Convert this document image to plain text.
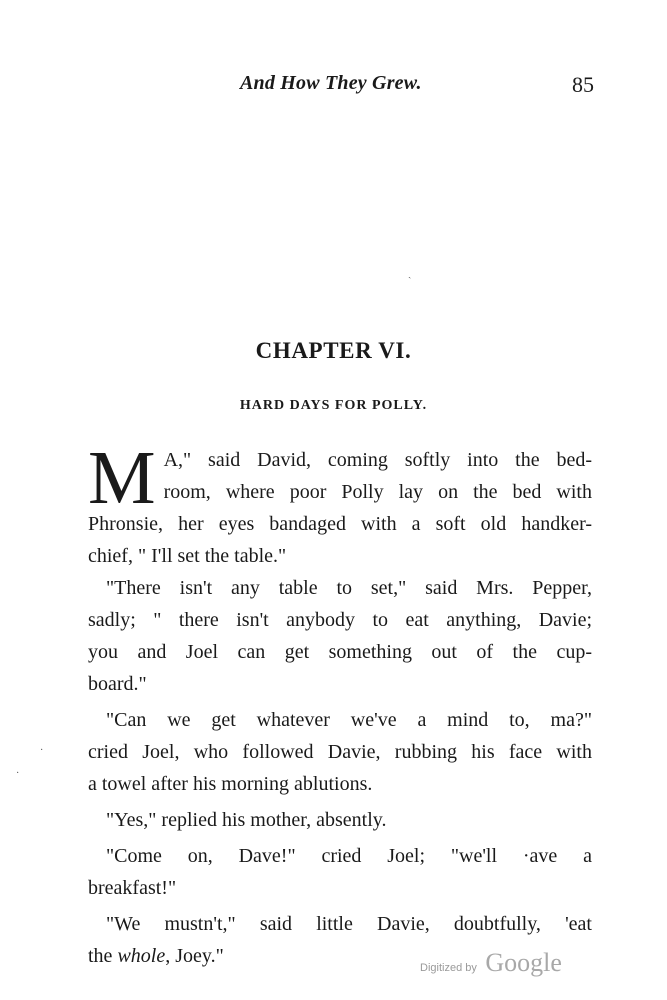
And How They Grew.	85
ˎ
·
·
CHAPTER VI.
HARD DAYS FOR POLLY.
M A," said David, coming softly into the bed-
room, where poor Polly lay on the bed with
Phronsie, her eyes bandaged with a soft old handker-
chief, " I'll set the table."
"There isn't any table to set," said Mrs. Pepper,
sadly; " there isn't anybody to eat anything, Davie;
you and Joel can get something out of the cup-
board."
"Can we get whatever we've a mind to, ma?"
cried Joel, who followed Davie, rubbing his face with
a towel after his morning ablutions.
"Yes," replied his mother, absently.
"Come on, Dave!" cried Joel; "we'll ·ave a
breakfast!"
"We mustn't," said little Davie, doubtfully, 'eat
the whole, Joey."
Digitized by Google
